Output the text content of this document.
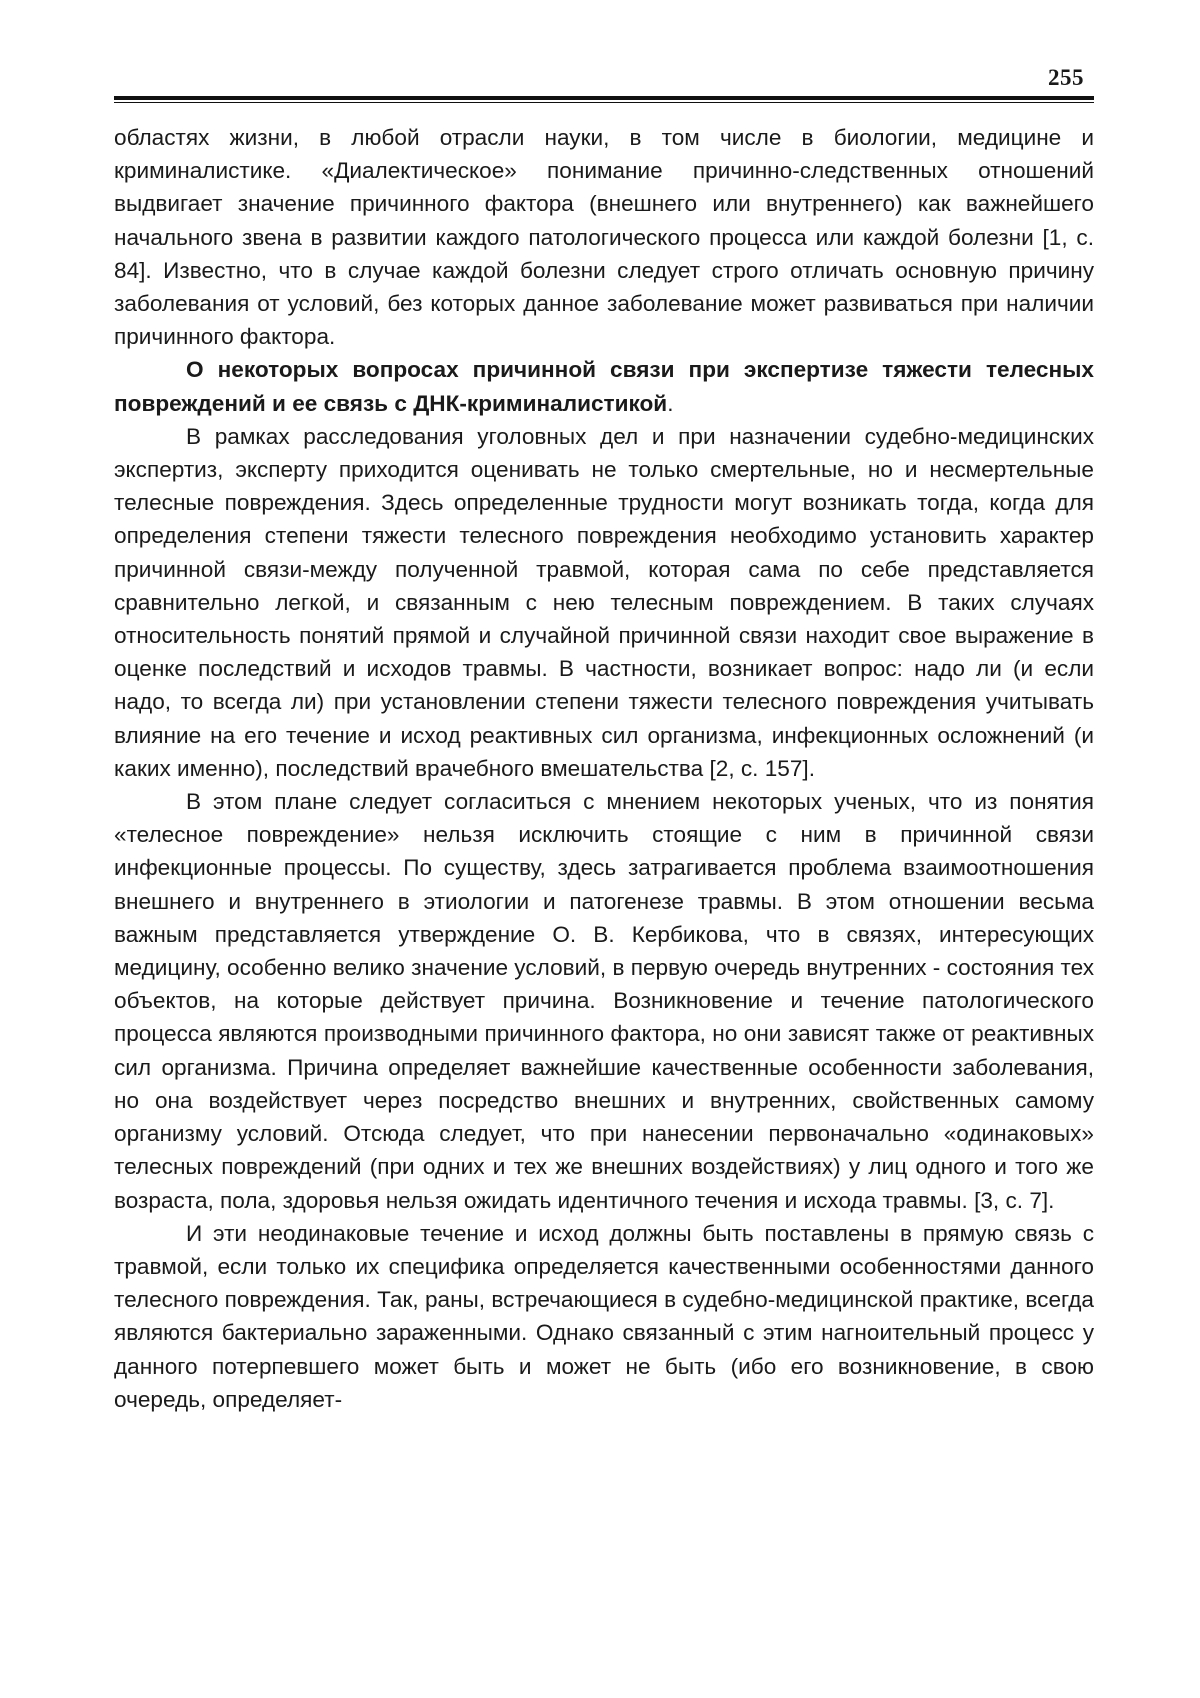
255

областях жизни, в любой отрасли науки, в том числе в биологии, медицине и криминалистике. «Диалектическое» понимание причинно-следственных отношений выдвигает значение причинного фактора (внешнего или внутреннего) как важнейшего начального звена в развитии каждого патологического процесса или каждой болезни [1, с. 84]. Известно, что в случае каждой болезни следует строго отличать основную причину заболевания от условий, без которых данное заболевание может развиваться при наличии причинного фактора.

О некоторых вопросах причинной связи при экспертизе тяжести телесных повреждений и ее связь с ДНК-криминалистикой.

В рамках расследования уголовных дел и при назначении судебно-медицинских экспертиз, эксперту приходится оценивать не только смертельные, но и несмертельные телесные повреждения. Здесь определенные трудности могут возникать тогда, когда для определения степени тяжести телесного повреждения необходимо установить характер причинной связи-между полученной травмой, которая сама по себе представляется сравнительно легкой, и связанным с нею телесным повреждением. В таких случаях относительность понятий прямой и случайной причинной связи находит свое выражение в оценке последствий и исходов травмы. В частности, возникает вопрос: надо ли (и если надо, то всегда ли) при установлении степени тяжести телесного повреждения учитывать влияние на его течение и исход реактивных сил организма, инфекционных осложнений (и каких именно), последствий врачебного вмешательства [2, с. 157].

В этом плане следует согласиться с мнением некоторых ученых, что из понятия «телесное повреждение» нельзя исключить стоящие с ним в причинной связи инфекционные процессы. По существу, здесь затрагивается проблема взаимоотношения внешнего и внутреннего в этиологии и патогенезе травмы. В этом отношении весьма важным представляется утверждение О. В. Кербикова, что в связях, интересующих медицину, особенно велико значение условий, в первую очередь внутренних - состояния тех объектов, на которые действует причина. Возникновение и течение патологического процесса являются производными причинного фактора, но они зависят также от реактивных сил организма. Причина определяет важнейшие качественные особенности заболевания, но она воздействует через посредство внешних и внутренних, свойственных самому организму условий. Отсюда следует, что при нанесении первоначально «одинаковых» телесных повреждений (при одних и тех же внешних воздействиях) у лиц одного и того же возраста, пола, здоровья нельзя ожидать идентичного течения и исхода травмы. [3, с. 7].

И эти неодинаковые течение и исход должны быть поставлены в прямую связь с травмой, если только их специфика определяется качественными особенностями данного телесного повреждения. Так, раны, встречающиеся в судебно-медицинской практике, всегда являются бактериально зараженными. Однако связанный с этим нагноительный процесс у данного потерпевшего может быть и может не быть (ибо его возникновение, в свою очередь, определяет-
